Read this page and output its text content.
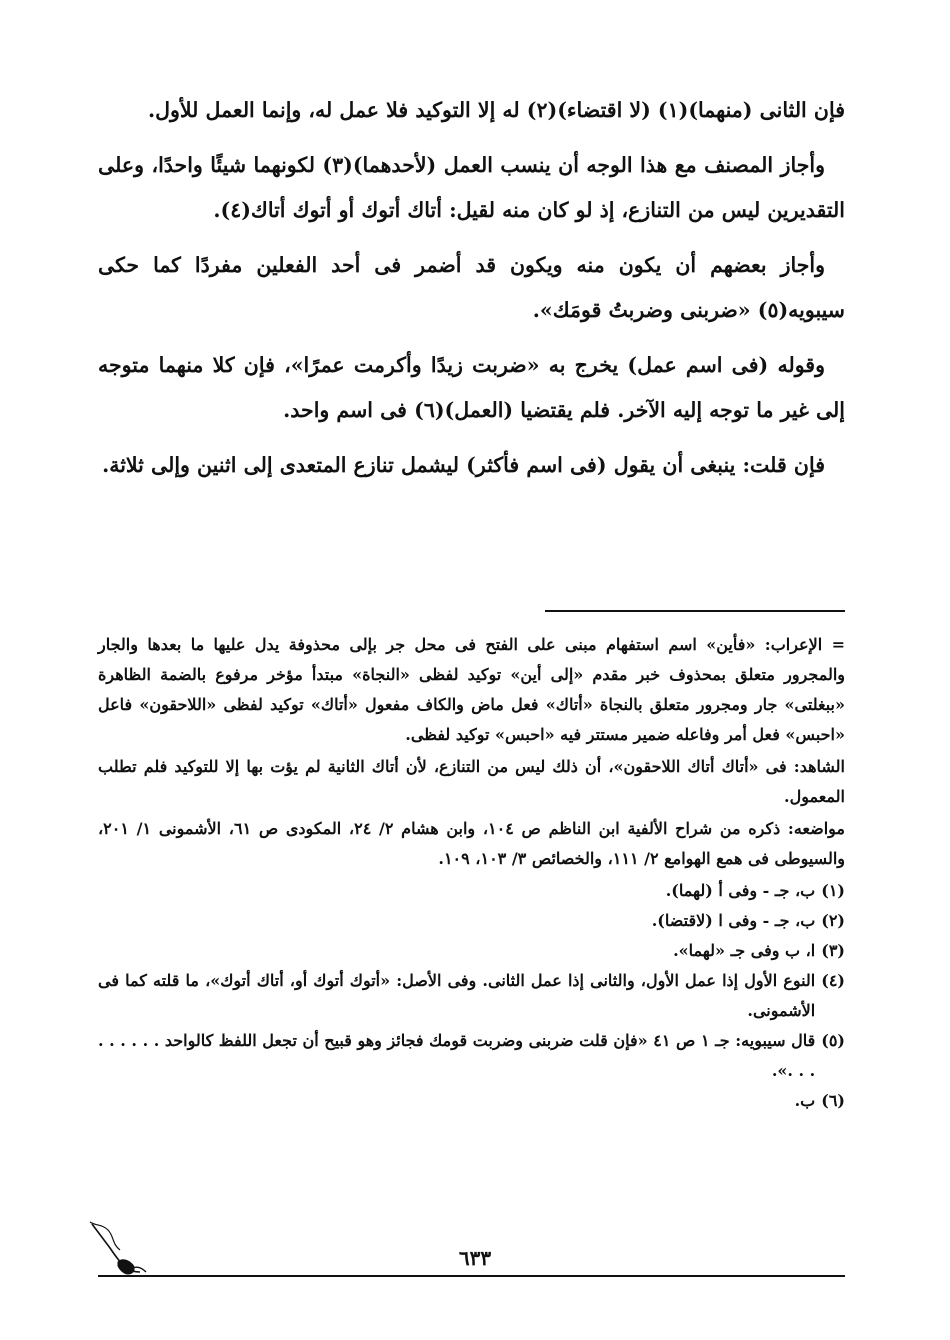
فإن الثانى (منهما)(١) (لا اقتضاء)(٢) له إلا التوكيد فلا عمل له، وإنما العمل للأول.

وأجاز المصنف مع هذا الوجه أن ينسب العمل (لأحدهما)(٣) لكونهما شيئًا واحدًا، وعلى التقديرين ليس من التنازع، إذ لو كان منه لقيل: أتاك أتوك أو أتوك أتاك(٤).

وأجاز بعضهم أن يكون منه ويكون قد أضمر فى أحد الفعلين مفردًا كما حكى سيبويه(٥) «ضربنى وضربتُ قومَك».

وقوله (فى اسم عمل) يخرج به «ضربت زيدًا وأكرمت عمرًا»، فإن كلا منهما متوجه إلى غير ما توجه إليه الآخر. فلم يقتضيا (العمل)(٦) فى اسم واحد.

فإن قلت: ينبغى أن يقول (فى اسم فأكثر) ليشمل تنازع المتعدى إلى اثنين وإلى ثلاثة.

= الإعراب: «فأين» اسم استفهام مبنى على الفتح فى محل جر بإلى محذوفة يدل عليها ما بعدها والجار والمجرور متعلق بمحذوف خبر مقدم «إلى أين» توكيد لفظى «النجاة» مبتدأ مؤخر مرفوع بالضمة الظاهرة «ببغلتى» جار ومجرور متعلق بالنجاة «أتاك» فعل ماض والكاف مفعول «أتاك» توكيد لفظى «اللاحقون» فاعل «احبس» فعل أمر وفاعله ضمير مستتر فيه «احبس» توكيد لفظى.

الشاهد: فى «أتاك أتاك اللاحقون»، أن ذلك ليس من التنازع، لأن أتاك الثانية لم يؤت بها إلا للتوكيد فلم تطلب المعمول.

مواضعه: ذكره من شراح الألفية ابن الناظم ص ١٠٤، وابن هشام ٢/ ٢٤، المكودى ص ٦١، الأشمونى ١/ ٢٠١، والسيوطى فى همع الهوامع ٢/ ١١١، والخصائص ٣/ ١٠٣، ١٠٩.

(١)
ب، جـ - وفى أ (لهما).
(٢)
ب، جـ - وفى ا (لاقتضا).
(٣)
ا، ب وفى جـ «لهما».
(٤)
النوع الأول إذا عمل الأول، والثانى إذا عمل الثانى. وفى الأصل: «أتوك أتوك أو، أتاك أتوك»، ما قلته كما فى الأشمونى.
(٥)
قال سيبويه: جـ ١ ص ٤١ «فإن قلت ضربنى وضربت قومك فجائز وهو قبيح أن تجعل اللفظ كالواحد . . . . . . . . .».
(٦)
ب.
٦٣٣
